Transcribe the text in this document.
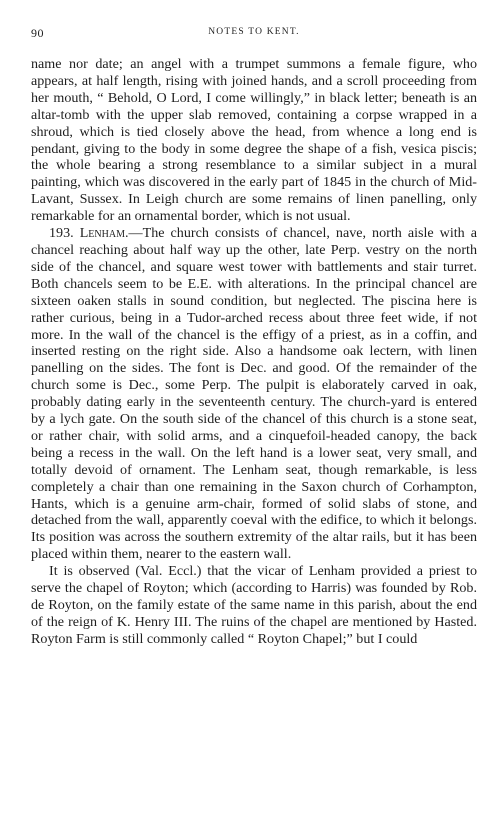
90	NOTES TO KENT.

name nor date; an angel with a trumpet summons a female figure, who appears, at half length, rising with joined hands, and a scroll proceeding from her mouth, “ Behold, O Lord, I come willingly,” in black letter; beneath is an altar-tomb with the upper slab removed, containing a corpse wrapped in a shroud, which is tied closely above the head, from whence a long end is pendant, giving to the body in some degree the shape of a fish, vesica piscis; the whole bearing a strong resemblance to a similar subject in a mural painting, which was discovered in the early part of 1845 in the church of Mid-Lavant, Sussex. In Leigh church are some remains of linen panelling, only remarkable for an ornamental border, which is not usual.

193. Lenham.—The church consists of chancel, nave, north aisle with a chancel reaching about half way up the other, late Perp. vestry on the north side of the chancel, and square west tower with battlements and stair turret. Both chancels seem to be E.E. with alterations. In the principal chancel are sixteen oaken stalls in sound condition, but neglected. The piscina here is rather curious, being in a Tudor-arched recess about three feet wide, if not more. In the wall of the chancel is the effigy of a priest, as in a coffin, and inserted resting on the right side. Also a handsome oak lectern, with linen panelling on the sides. The font is Dec. and good. Of the remainder of the church some is Dec., some Perp. The pulpit is elaborately carved in oak, probably dating early in the seventeenth century. The church-yard is entered by a lych gate. On the south side of the chancel of this church is a stone seat, or rather chair, with solid arms, and a cinquefoil-headed canopy, the back being a recess in the wall. On the left hand is a lower seat, very small, and totally devoid of ornament. The Lenham seat, though remarkable, is less completely a chair than one remaining in the Saxon church of Corhampton, Hants, which is a genuine arm-chair, formed of solid slabs of stone, and detached from the wall, apparently coeval with the edifice, to which it belongs. Its position was across the southern extremity of the altar rails, but it has been placed within them, nearer to the eastern wall.

It is observed (Val. Eccl.) that the vicar of Lenham provided a priest to serve the chapel of Royton; which (according to Harris) was founded by Rob. de Royton, on the family estate of the same name in this parish, about the end of the reign of K. Henry III. The ruins of the chapel are mentioned by Hasted. Royton Farm is still commonly called “ Royton Chapel;” but I could
